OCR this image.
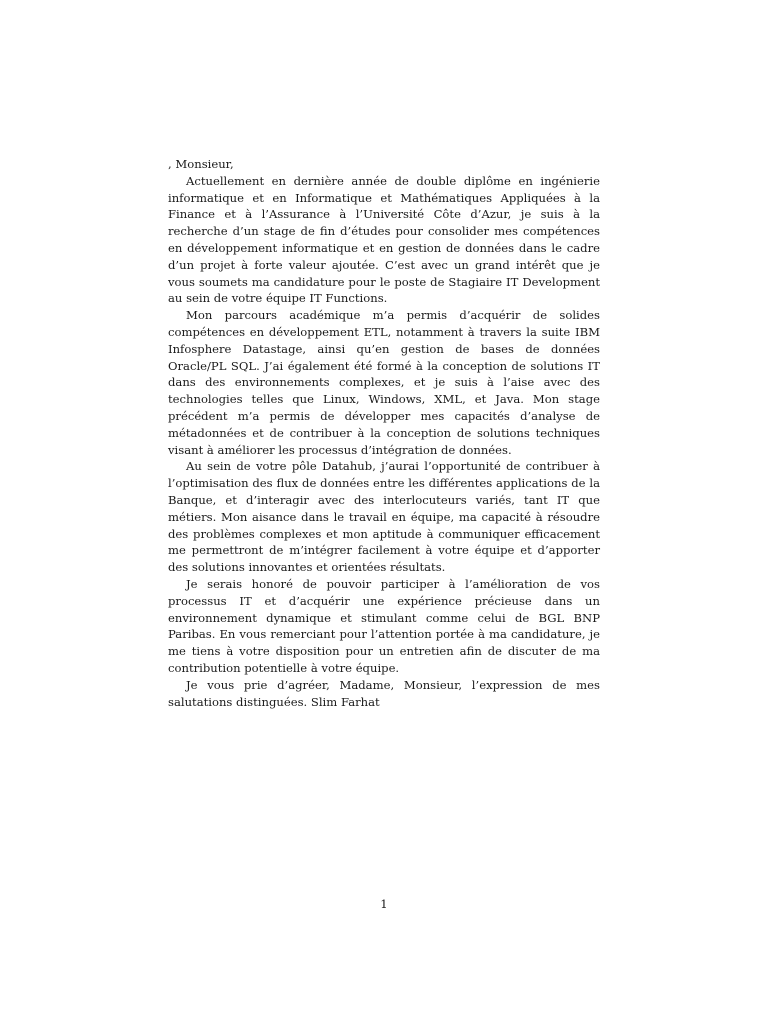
, Monsieur,

Actuellement en dernière année de double diplôme en ingénierie informatique et en Informatique et Mathématiques Appliquées à la Finance et à l’Assurance à l’Université Côte d’Azur, je suis à la recherche d’un stage de fin d’études pour consolider mes compétences en développement informatique et en gestion de données dans le cadre d’un projet à forte valeur ajoutée. C’est avec un grand intérêt que je vous soumets ma candidature pour le poste de Stagiaire IT Development au sein de votre équipe IT Functions.

Mon parcours académique m’a permis d’acquérir de solides compétences en développement ETL, notamment à travers la suite IBM Infosphere Datastage, ainsi qu’en gestion de bases de données Oracle/PL SQL. J’ai également été formé à la conception de solutions IT dans des environnements complexes, et je suis à l’aise avec des technologies telles que Linux, Windows, XML, et Java. Mon stage précédent m’a permis de développer mes capacités d’analyse de métadonnées et de contribuer à la conception de solutions techniques visant à améliorer les processus d’intégration de données.

Au sein de votre pôle Datahub, j’aurai l’opportunité de contribuer à l’optimisation des flux de données entre les différentes applications de la Banque, et d’interagir avec des interlocuteurs variés, tant IT que métiers. Mon aisance dans le travail en équipe, ma capacité à résoudre des problèmes complexes et mon aptitude à communiquer efficacement me permettront de m’intégrer facilement à votre équipe et d’apporter des solutions innovantes et orientées résultats.

Je serais honoré de pouvoir participer à l’amélioration de vos processus IT et d’acquérir une expérience précieuse dans un environnement dynamique et stimulant comme celui de BGL BNP Paribas. En vous remerciant pour l’attention portée à ma candidature, je me tiens à votre disposition pour un entretien afin de discuter de ma contribution potentielle à votre équipe.

Je vous prie d’agréer, Madame, Monsieur, l’expression de mes salutations distinguées. Slim Farhat

1
